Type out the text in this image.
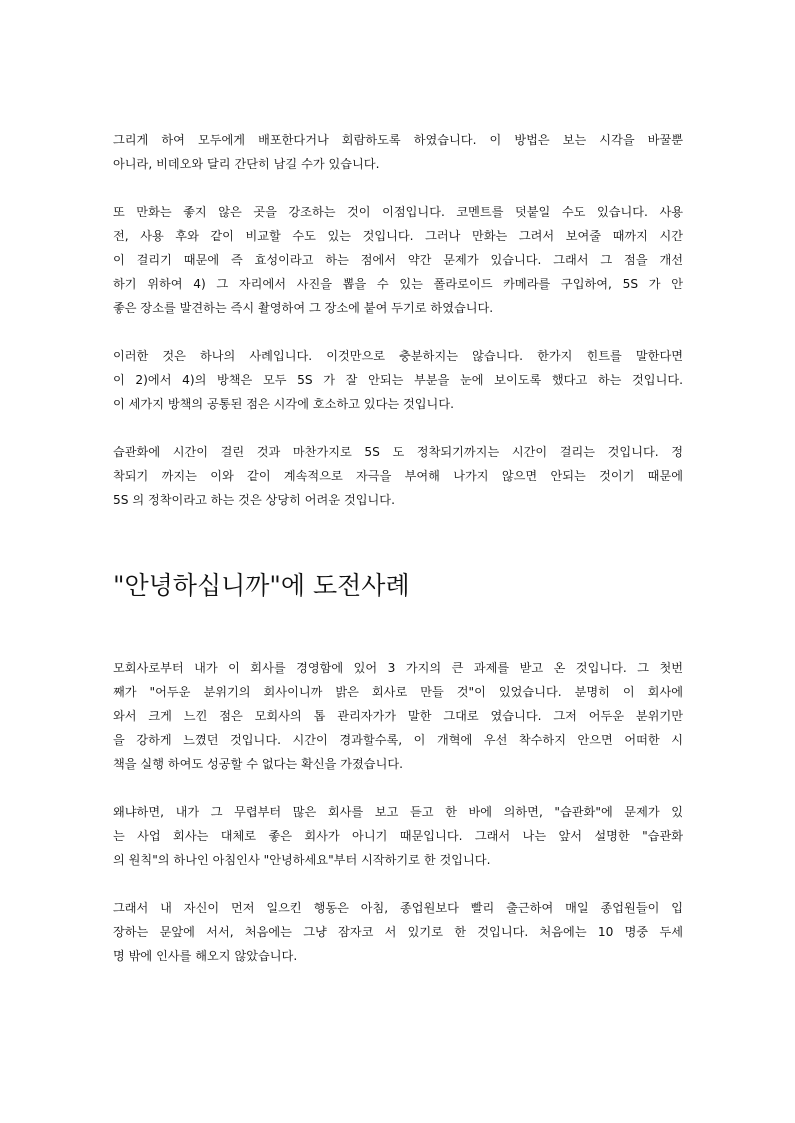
그리게 하여 모두에게 배포한다거나 회람하도록 하였습니다. 이 방법은 보는 시각을 바꿀뿐
아니라, 비데오와 달리 간단히 남길 수가 있습니다.
또 만화는 좋지 않은 곳을 강조하는 것이 이점입니다. 코멘트를 덧붙일 수도 있습니다. 사용
전, 사용 후와 같이 비교할 수도 있는 것입니다. 그러나 만화는 그려서 보여줄 때까지 시간
이 걸리기 때문에 즉 효성이라고 하는 점에서 약간 문제가 있습니다. 그래서 그 점을 개선
하기 위하여 4) 그 자리에서 사진을 뽑을 수 있는 폴라로이드 카메라를 구입하여, 5S 가 안
좋은 장소를 발견하는 즉시 촬영하여 그 장소에 붙여 두기로 하였습니다.
이러한 것은 하나의 사례입니다. 이것만으로 충분하지는 않습니다. 한가지 힌트를 말한다면
이 2)에서 4)의 방책은 모두 5S 가 잘 안되는 부분을 눈에 보이도록 했다고 하는 것입니다.
이 세가지 방책의 공통된 점은 시각에 호소하고 있다는 것입니다.
습관화에 시간이 걸린 것과 마찬가지로 5S 도 정착되기까지는 시간이 걸리는 것입니다. 정
착되기 까지는 이와 같이 계속적으로 자극을 부여해 나가지 않으면 안되는 것이기 때문에
5S 의 정착이라고 하는 것은 상당히 어려운 것입니다.
"안녕하십니까"에 도전사례
모회사로부터 내가 이 회사를 경영함에 있어 3 가지의 큰 과제를 받고 온 것입니다. 그 첫번
째가 "어두운 분위기의 회사이니까 밝은 회사로 만들 것"이 있었습니다. 분명히 이 회사에
와서 크게 느낀 점은 모회사의 톱 관리자가가 말한 그대로 였습니다. 그저 어두운 분위기만
을 강하게 느꼈던 것입니다. 시간이 경과할수록, 이 개혁에 우선 착수하지 안으면 어떠한 시
책을 실행 하여도 성공할 수 없다는 확신을 가졌습니다.
왜냐하면, 내가 그 무렵부터 많은 회사를 보고 듣고 한 바에 의하면, "습관화"에 문제가 있
는 사업 회사는 대체로 좋은 회사가 아니기 때문입니다. 그래서 나는 앞서 설명한 "습관화
의 원칙"의 하나인 아침인사 "안녕하세요"부터 시작하기로 한 것입니다.
그래서 내 자신이 먼저 일으킨 행동은 아침, 종업원보다 빨리 출근하여 매일 종업원들이 입
장하는 문앞에 서서, 처음에는 그냥 잠자코 서 있기로 한 것입니다. 처음에는 10 명중 두세
명 밖에 인사를 해오지 않았습니다.
